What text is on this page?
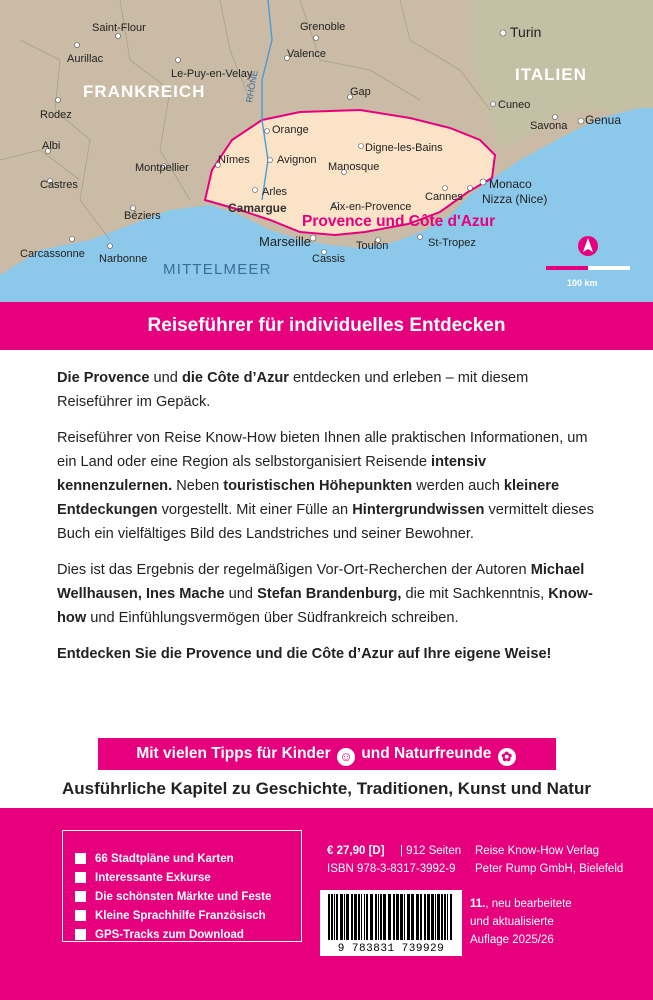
FRANKREICH
ITALIEN
MITTELMEER
RHÔNE
Provence und Côte d'Azur
100 km
Saint-Flour
Aurillac
Le-Puy-en-Velay
Grenoble	Turin
Valence
Rodez
Gap
Cuneo
Savona Genua
Albi
Orange
Nîmes Avignon
Digne-les-Bains
Manosque
Castres
Montpellier
Arles
Monaco
Nizza (Nice)
Cannes
Béziers
Camargue	Aix-en-Provence
Marseille
Carcassonne Narbonne
Toulon	St-Tropez
Cassis
Reiseführer für individuelles Entdecken

Die Provence und die Côte d’Azur entdecken und erleben – mit diesem Reiseführer im Gepäck.

Reiseführer von Reise Know-How bieten Ihnen alle praktischen Informationen, um ein Land oder eine Region als selbstorganisiert Reisende intensiv kennenzulernen. Neben touristischen Höhepunkten werden auch kleinere Entdeckungen vorgestellt. Mit einer Fülle an Hintergrundwissen vermittelt dieses Buch ein vielfältiges Bild des Landstriches und seiner Bewohner.

Dies ist das Ergebnis der regelmäßigen Vor-Ort-Recherchen der Autoren Michael Wellhausen, Ines Mache und Stefan Brandenburg, die mit Sachkenntnis, Know-how und Einfühlungsvermögen über Südfrankreich schreiben.

Entdecken Sie die Provence und die Côte d’Azur auf Ihre eigene Weise!

Mit vielen Tipps für Kinder ☺ und Naturfreunde ✿
Ausführliche Kapitel zu Geschichte, Traditionen, Kunst und Natur
66 Stadtpläne und Karten
Interessante Exkurse
Die schönsten Märkte und Feste
Kleine Sprachhilfe Französisch
GPS-Tracks zum Download
€ 27,90 [D]
ISBN 978-3-8317-3992-9
| 912 Seiten Reise Know-How Verlag
Peter Rump GmbH, Bielefeld
9 783831 739929
11., neu bearbeitete
und aktualisierte
Auflage 2025/26
